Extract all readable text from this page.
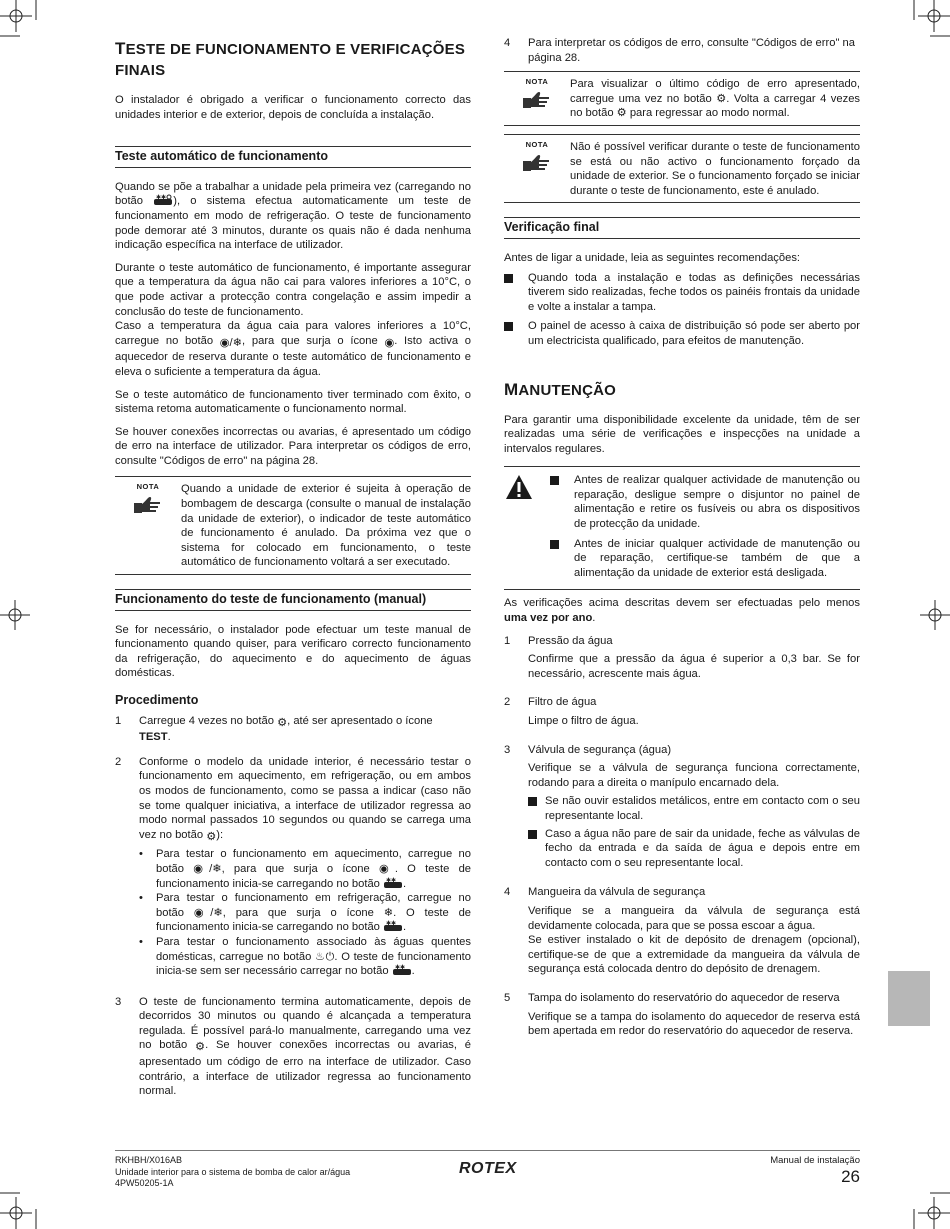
TESTE DE FUNCIONAMENTO E VERIFICAÇÕES
FINAIS

O instalador é obrigado a verificar o funcionamento correcto das unidades interior e de exterior, depois de concluída a instalação.

Teste automático de funcionamento

Quando se põe a trabalhar a unidade pela primeira vez (carregando no botão ✱✱ ), o sistema efectua automaticamente um teste de funcionamento em modo de refrigeração. O teste de funcionamento pode demorar até 3 minutos, durante os quais não é dada nenhuma indicação específica na interface de utilizador.

Durante o teste automático de funcionamento, é importante assegurar que a temperatura da água não cai para valores inferiores a 10°C, o que pode activar a protecção contra congelação e assim impedir a conclusão do teste de funcionamento.

Caso a temperatura da água caia para valores inferiores a 10°C, carregue no botão ◉/❄, para que surja o ícone ◉. Isto activa o aquecedor de reserva durante o teste automático de funcionamento e eleva o suficiente a temperatura da água.

Se o teste automático de funcionamento tiver terminado com êxito, o sistema retoma automaticamente o funcionamento normal.

Se houver conexões incorrectas ou avarias, é apresentado um código de erro na interface de utilizador. Para interpretar os códigos de erro, consulte "Códigos de erro" na página 28.

NOTA	Quando a unidade de exterior é sujeita à operação de bombagem de descarga (consulte o manual de instalação da unidade de exterior), o indicador de teste automático de funcionamento é anulado. Da próxima vez que o sistema for colocado em funcionamento, o teste automático de funcionamento voltará a ser executado.
Funcionamento do teste de funcionamento (manual)

Se for necessário, o instalador pode efectuar um teste manual de funcionamento quando quiser, para verificaro correcto funcionamento da refrigeração, do aquecimento e do aquecimento de águas domésticas.

Procedimento
1	Carregue 4 vezes no botão ⚙, até ser apresentado o ícone
TEST.
2	Conforme o modelo da unidade interior, é necessário testar o funcionamento em aquecimento, em refrigeração, ou em ambos os modos de funcionamento, como se passa a indicar (caso não se tome qualquer iniciativa, a interface de utilizador regressa ao modo normal passados 10 segundos ou quando se carrega uma vez no botão ⚙):

•	Para testar o funcionamento em aquecimento, carregue no botão ◉/❄, para que surja o ícone ◉. O teste de funcionamento inicia-se carregando no botão ✱✱ .
•	Para testar o funcionamento em refrigeração, carregue no botão ◉/❄, para que surja o ícone ❄. O teste de funcionamento inicia-se carregando no botão ✱✱ .
•	Para testar o funcionamento associado às águas quentes domésticas, carregue no botão ♨⏻. O teste de funcionamento inicia-se sem ser necessário carregar no botão ✱✱ .
3	O teste de funcionamento termina automaticamente, depois de decorridos 30 minutos ou quando é alcançada a temperatura regulada. É possível pará-lo manualmente, carregando uma vez no botão ⚙. Se houver conexões incorrectas ou avarias, é apresentado um código de erro na interface de utilizador. Caso contrário, a interface de utilizador regressa ao funcionamento normal.
4	Para interpretar os códigos de erro, consulte "Códigos de erro" na página 28.
NOTA	Para visualizar o último código de erro apresentado, carregue uma vez no botão ⚙. Volta a carregar 4 vezes no botão ⚙ para regressar ao modo normal.
NOTA	Não é possível verificar durante o teste de funcionamento se está ou não activo o funcionamento forçado da unidade de exterior. Se o funcionamento forçado se iniciar durante o teste de funcionamento, este é anulado.
Verificação final

Antes de ligar a unidade, leia as seguintes recomendações:

Quando toda a instalação e todas as definições necessárias tiverem sido realizadas, feche todos os painéis frontais da unidade e volte a instalar a tampa.
O painel de acesso à caixa de distribuição só pode ser aberto por um electricista qualificado, para efeitos de manutenção.
MANUTENÇÃO

Para garantir uma disponibilidade excelente da unidade, têm de ser realizadas uma série de verificações e inspecções na unidade a intervalos regulares.

Antes de realizar qualquer actividade de manutenção ou reparação, desligue sempre o disjuntor no painel de alimentação e retire os fusíveis ou abra os dispositivos de protecção da unidade.
Antes de iniciar qualquer actividade de manutenção ou de reparação, certifique-se também de que a alimentação da unidade de exterior está desligada.

As verificações acima descritas devem ser efectuadas pelo menos uma vez por ano.

1	Pressão da água

Confirme que a pressão da água é superior a 0,3 bar. Se for necessário, acrescente mais água.

2	Filtro de água

Limpe o filtro de água.

3	Válvula de segurança (água)

Verifique se a válvula de segurança funciona correctamente, rodando para a direita o manípulo encarnado dela.

Se não ouvir estalidos metálicos, entre em contacto com o seu representante local.
Caso a água não pare de sair da unidade, feche as válvulas de fecho da entrada e da saída de água e depois entre em contacto com o seu representante local.
4	Mangueira da válvula de segurança

Verifique se a mangueira da válvula de segurança está devidamente colocada, para que se possa escoar a água.

Se estiver instalado o kit de depósito de drenagem (opcional), certifique-se de que a extremidade da mangueira da válvula de segurança está colocada dentro do depósito de drenagem.

5	Tampa do isolamento do reservatório do aquecedor de reserva

Verifique se a tampa do isolamento do aquecedor de reserva está bem apertada em redor do reservatório do aquecedor de reserva.

RKHBH/X016AB
Unidade interior para o sistema de bomba de calor ar/água
4PW50205-1A
ROTEX	Manual de instalação
26
